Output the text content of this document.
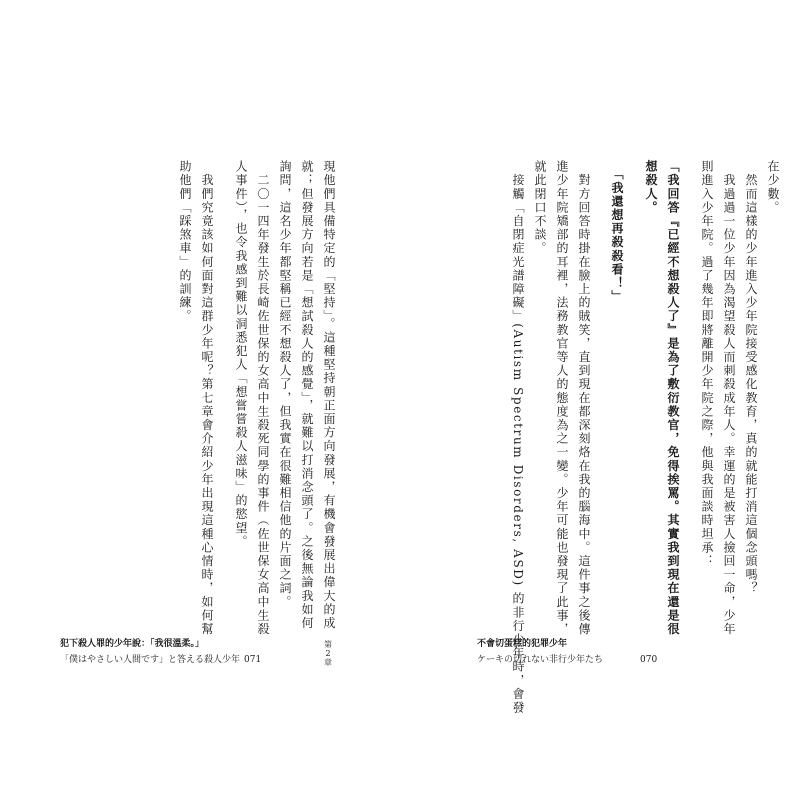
在少數。
　然而這樣的少年進入少年院接受感化教育，真的就能打消這個念頭嗎？
　我過過一位少年因為渴望殺人而刺殺成年人。幸運的是被害人撿回一命，少年
則進入少年院。過了幾年即將離開少年院之際，他與我面談時坦承：
「我回答『已經不想殺人了』是為了敷衍教官，免得挨罵。其實我到現在還是很
想殺人。
　「我還想再殺殺看！」
　對方回答時掛在臉上的賊笑，直到現在都深刻烙在我的腦海中。這件事之後傳
進少年院矯部的耳裡，法務教官等人的態度為之一變。少年可能也發現了此事，
就此閉口不談。
　接觸「自閉症光譜障礙」(Autism Spectrum Disorders, ASD) 的非行少年時，會發
不會切蛋糕的犯罪少年
ケーキの切れない非行少年たち	070
現他們具備特定的「堅持」。這種堅持朝正面方向發展，有機會發展出偉大的成
就；但發展方向若是「想試殺人的感覺」，就難以打消念頭了。之後無論我如何
詢問，這名少年都堅稱已經不想殺人了，但我實在很難相信他的片面之詞。
　二〇一四年發生於長崎佐世保的女高中生殺死同學的事件（佐世保女高中生殺
人事件），也令我感到難以洞悉犯人「想嘗嘗殺人滋味」的慾望。
　我們究竟該如何面對這群少年呢？第七章會介紹少年出現這種心情時，如何幫
助他們「踩煞車」的訓練。
犯下殺人罪的少年說：「我很溫柔。」
「僕はやさしい人間です」と答える殺人少年 071
第
2
章
